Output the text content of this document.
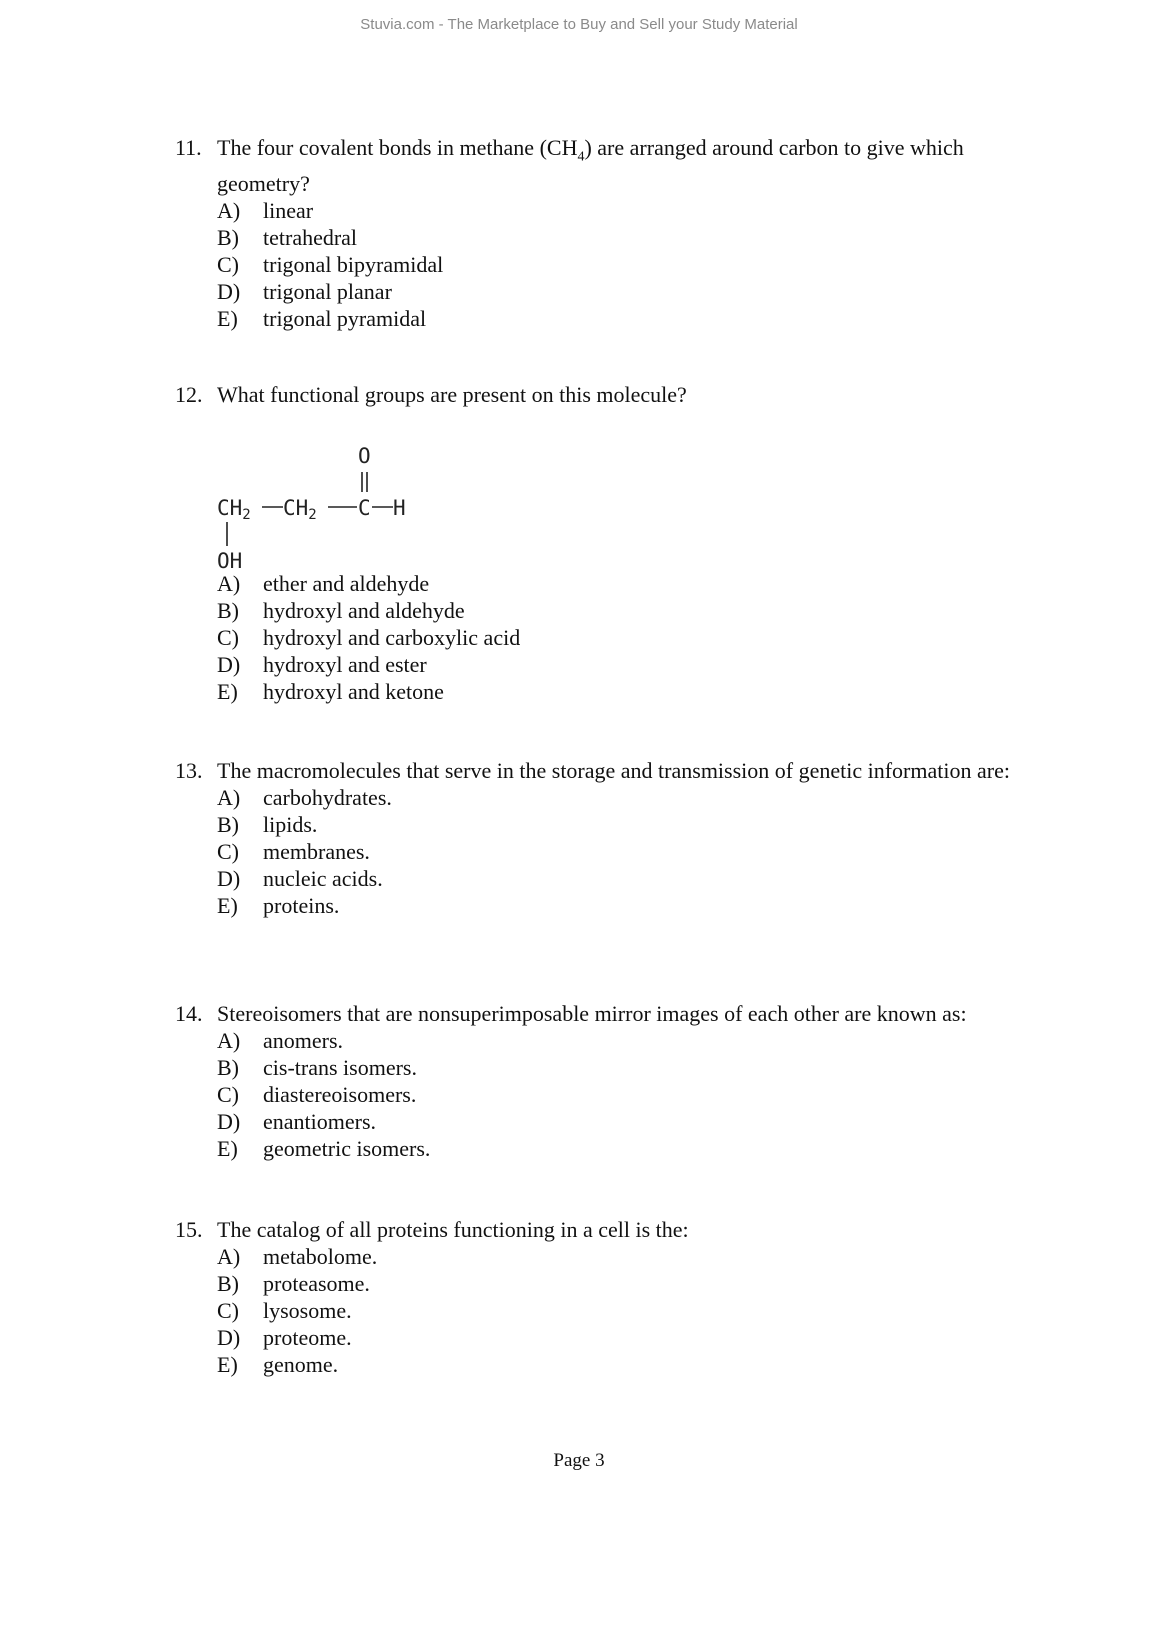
Stuvia.com - The Marketplace to Buy and Sell your Study Material
11. The four covalent bonds in methane $(CH_4)$ are arranged around carbon to give which geometry?
A)	linear
B)	tetrahedral
C)	trigonal bipyramidal
D)	trigonal planar
E)	trigonal pyramidal
12. What functional groups are present on this molecule?
O
CH2 CH2 C H
OH
A)	ether and aldehyde
B)	hydroxyl and aldehyde
C)	hydroxyl and carboxylic acid
D)	hydroxyl and ester
E)	hydroxyl and ketone
13. The macromolecules that serve in the storage and transmission of genetic information are:
A)	carbohydrates.
B)	lipids.
C)	membranes.
D)	nucleic acids.
E)	proteins.
14. Stereoisomers that are nonsuperimposable mirror images of each other are known as:
A)	anomers.
B)	cis-trans isomers.
C)	diastereoisomers.
D)	enantiomers.
E)	geometric isomers.
15. The catalog of all proteins functioning in a cell is the:
A)	metabolome.
B)	proteasome.
C)	lysosome.
D)	proteome.
E)	genome.
Page 3
